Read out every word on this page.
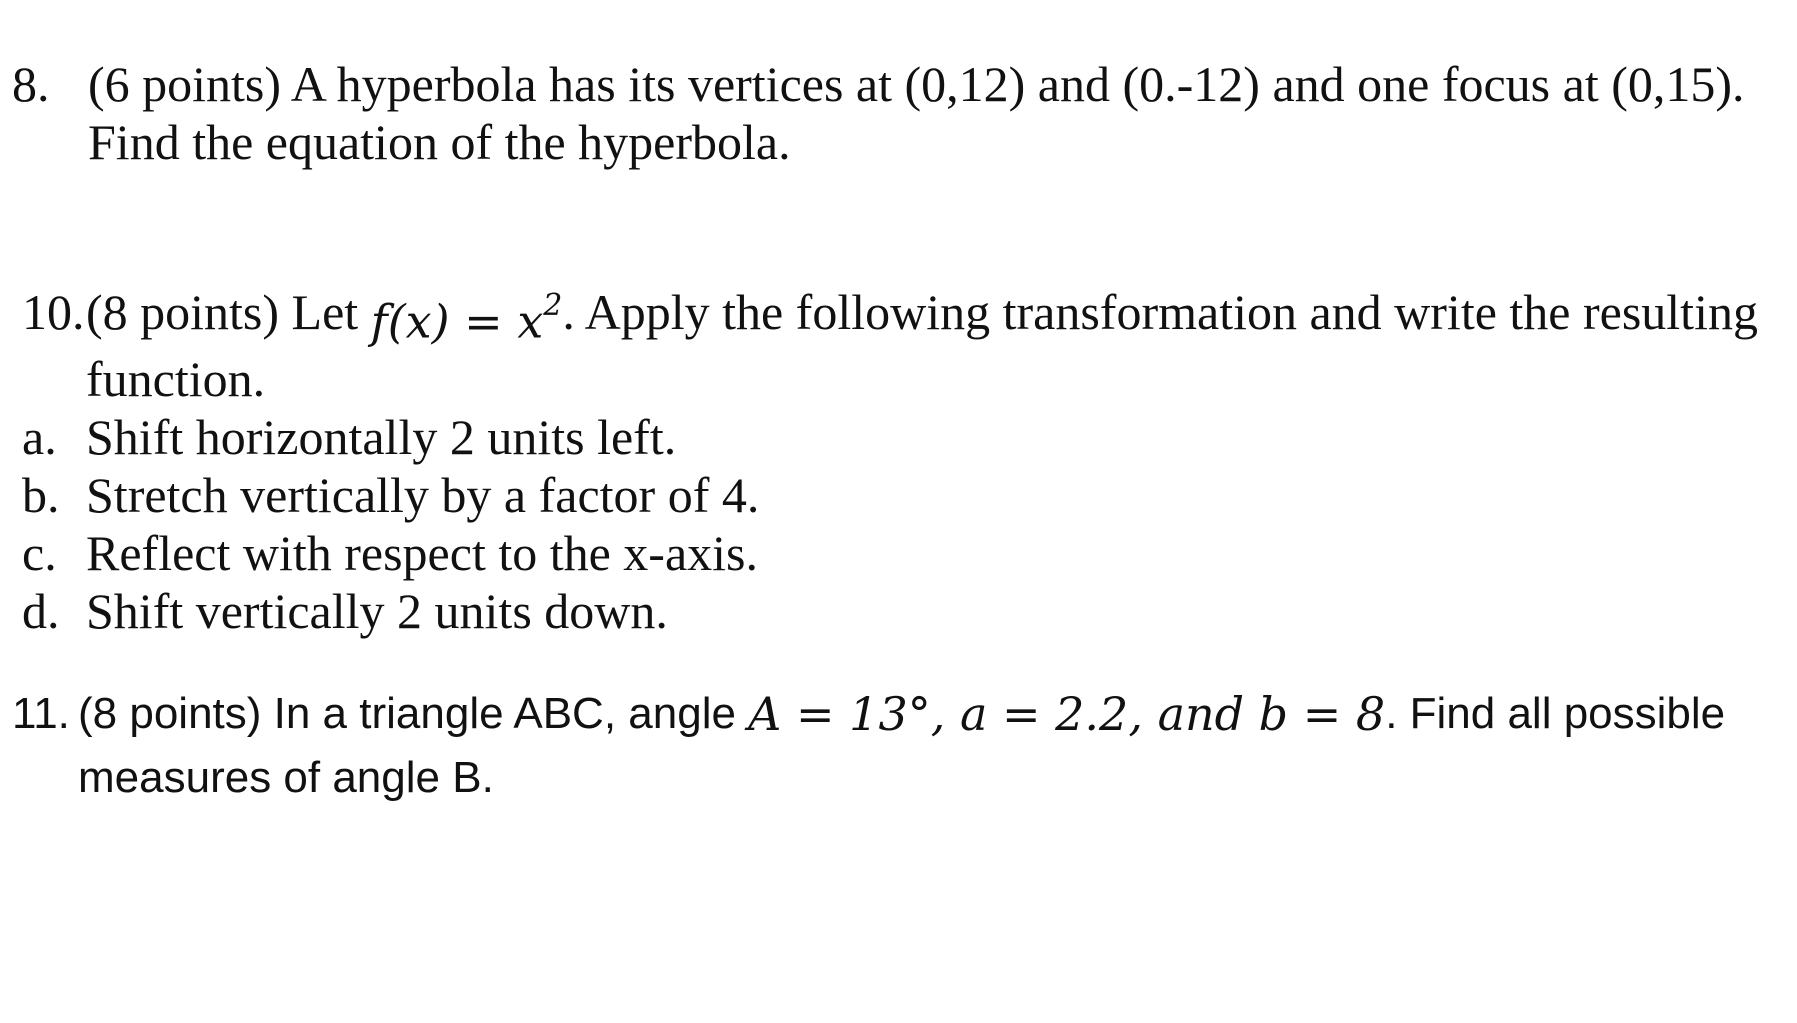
8. (6 points) A hyperbola has its vertices at (0,12) and (0.-12) and one focus at (0,15).
Find the equation of the hyperbola.
10. (8 points) Let $f(x) = x^2$ . Apply the following transformation and write the resulting
function.
a. Shift horizontally 2 units left.
b. Stretch vertically by a factor of 4.
c. Reflect with respect to the x-axis.
d. Shift vertically 2 units down.
11. (8 points) In a triangle ABC, angle A = 13°, a = 2.2, and b = 8 . Find all possible
measures of angle B.
